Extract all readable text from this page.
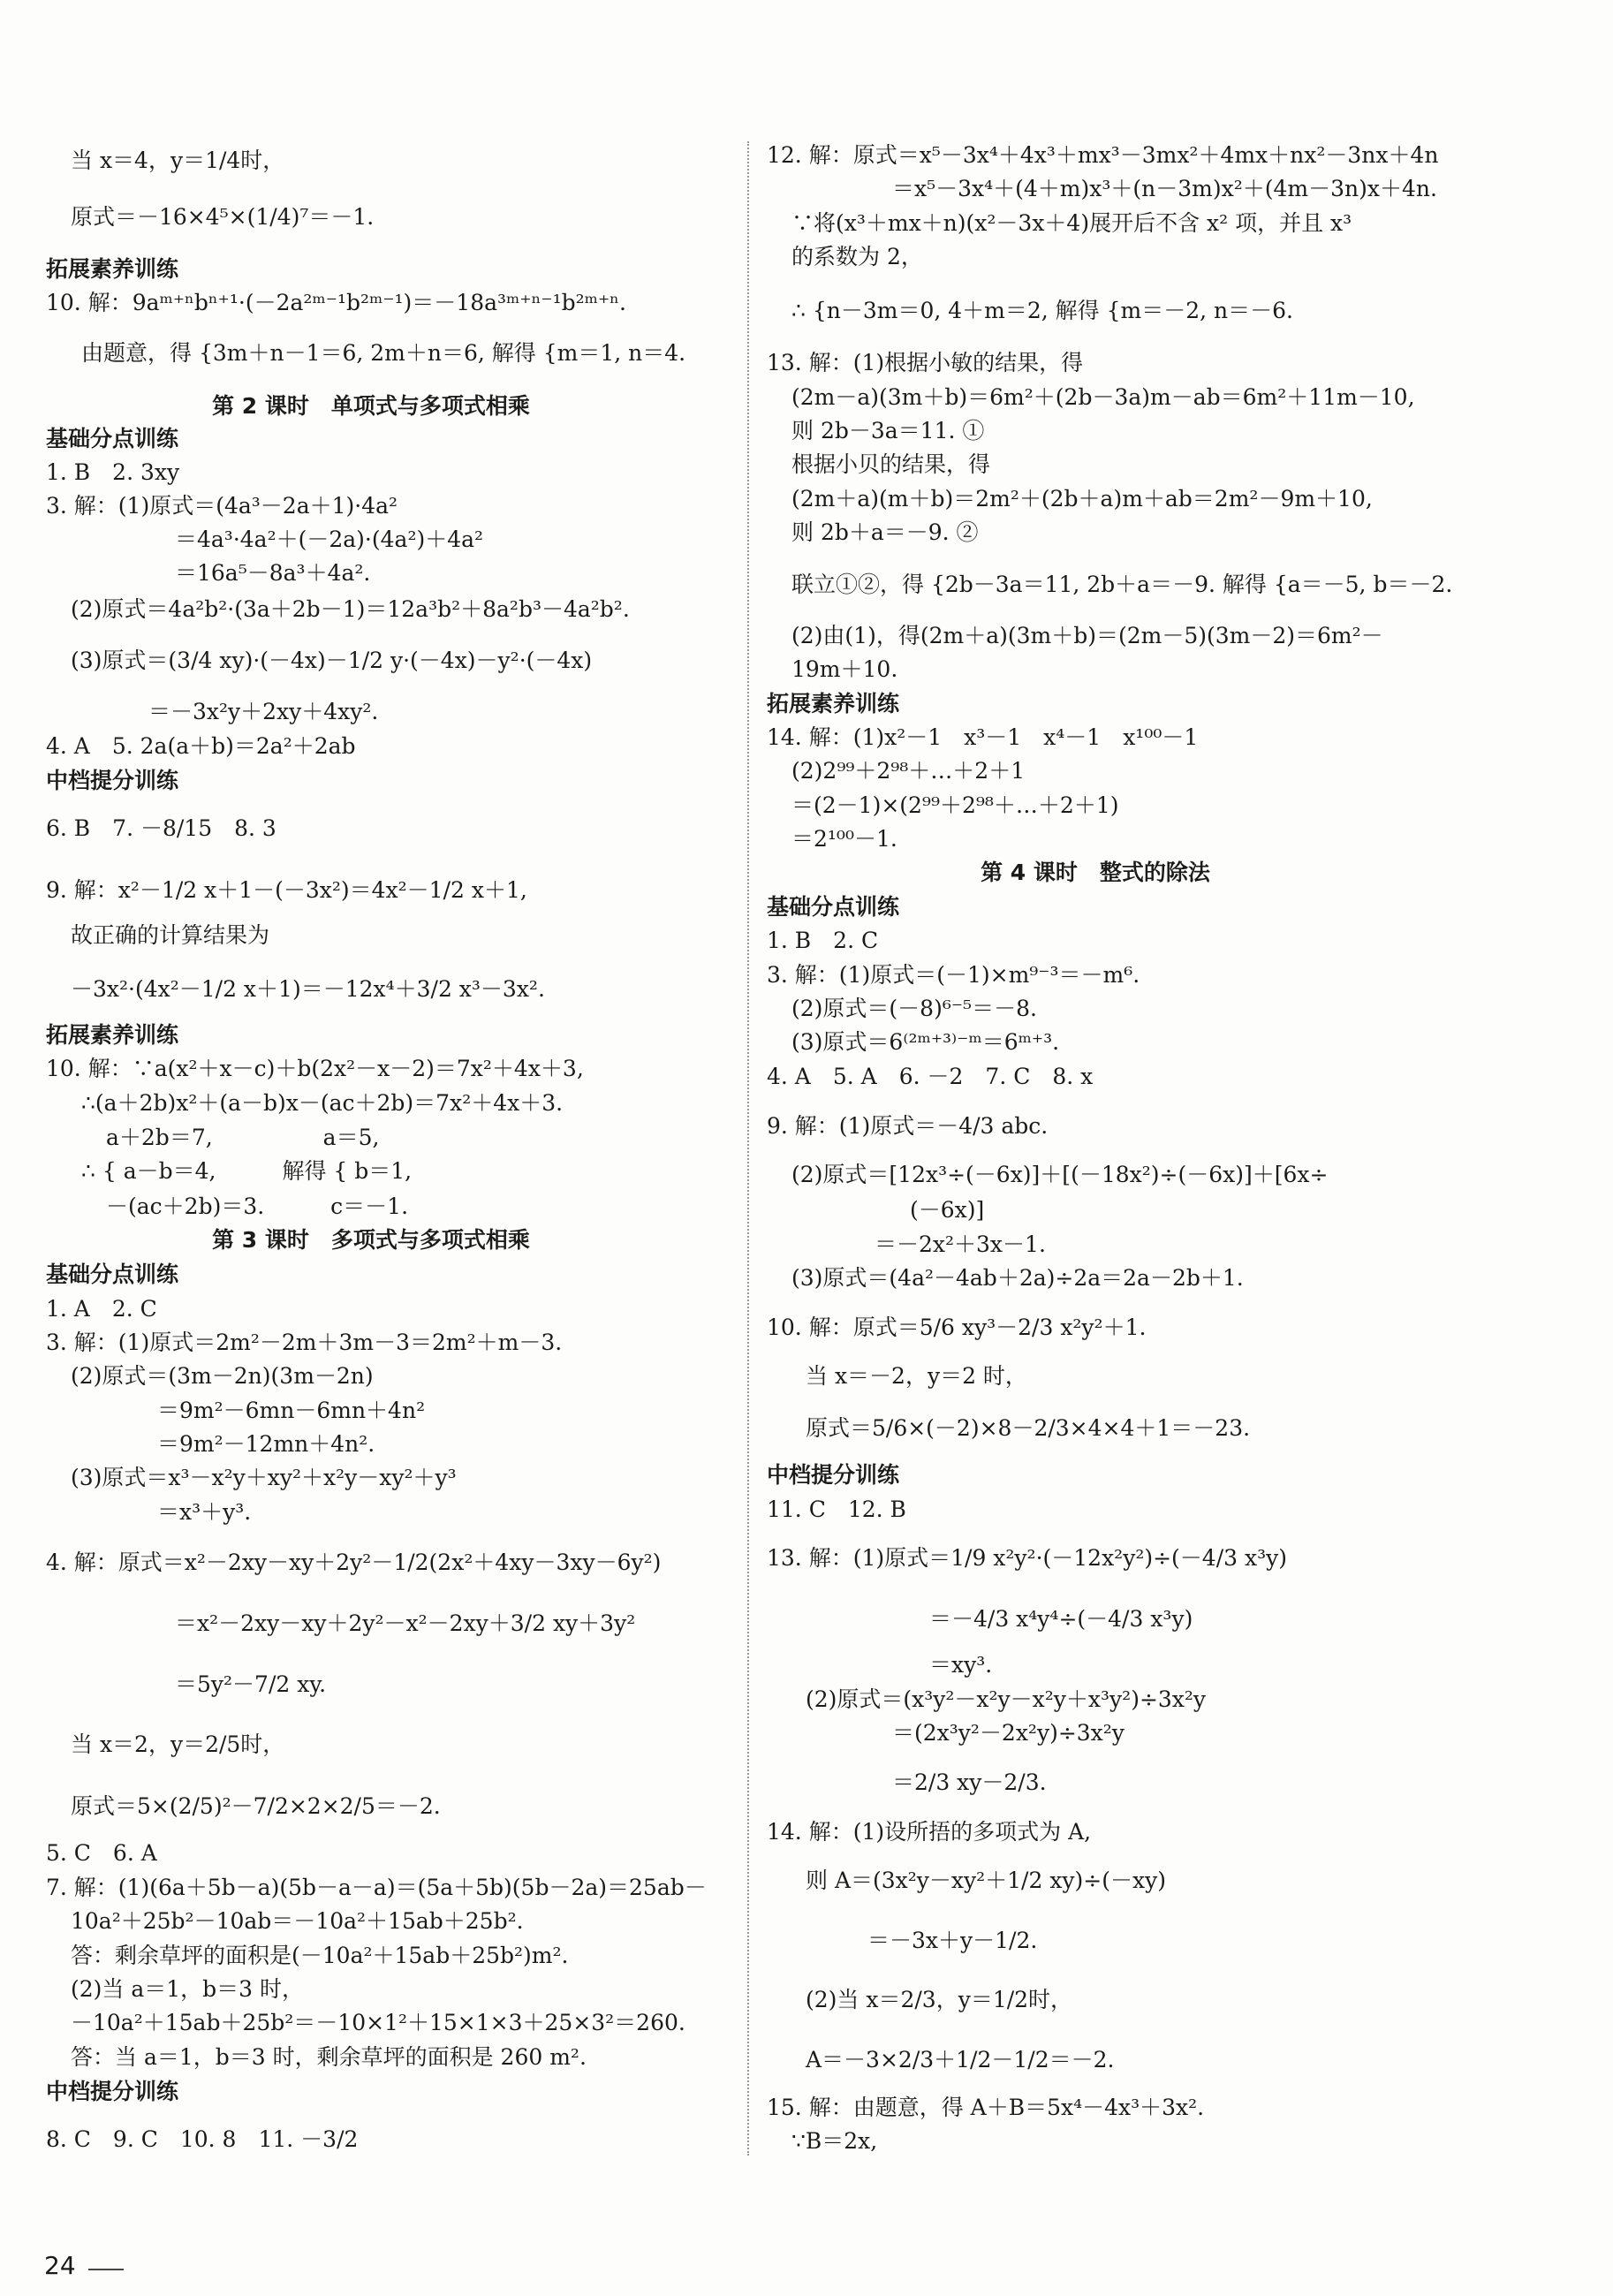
当 x＝4，y＝1/4时，
原式＝－16×4⁵×(1/4)⁷＝－1.
拓展素养训练
10. 解：9aᵐ⁺ⁿbⁿ⁺¹·(－2a²ᵐ⁻¹b²ᵐ⁻¹)＝－18a³ᵐ⁺ⁿ⁻¹b²ᵐ⁺ⁿ.
由题意，得 {3m＋n－1＝6, 2m＋n＝6, 解得 {m＝1, n＝4.
第 2 课时　单项式与多项式相乘
基础分点训练
1. B　2. 3xy
3. 解：(1)原式＝(4a³－2a＋1)·4a²
＝4a³·4a²＋(－2a)·(4a²)＋4a²
＝16a⁵－8a³＋4a².
(2)原式＝4a²b²·(3a＋2b－1)＝12a³b²＋8a²b³－4a²b².
(3)原式＝(3/4 xy)·(－4x)－1/2 y·(－4x)－y²·(－4x)
＝－3x²y＋2xy＋4xy².
4. A　5. 2a(a＋b)＝2a²＋2ab
中档提分训练
6. B　7. －8/15　8. 3
9. 解：x²－1/2 x＋1－(－3x²)＝4x²－1/2 x＋1,
故正确的计算结果为
－3x²·(4x²－1/2 x＋1)＝－12x⁴＋3/2 x³－3x².
拓展素养训练
10. 解：∵a(x²＋x－c)＋b(2x²－x－2)＝7x²＋4x＋3,
∴(a＋2b)x²＋(a－b)x－(ac＋2b)＝7x²＋4x＋3.
a＋2b＝7,　　　　　a＝5,
∴ { a－b＝4,　　　解得 { b＝1,
－(ac＋2b)＝3.　　　c＝－1.
第 3 课时　多项式与多项式相乘
基础分点训练
1. A　2. C
3. 解：(1)原式＝2m²－2m＋3m－3＝2m²＋m－3.
(2)原式＝(3m－2n)(3m－2n)
＝9m²－6mn－6mn＋4n²
＝9m²－12mn＋4n².
(3)原式＝x³－x²y＋xy²＋x²y－xy²＋y³
＝x³＋y³.
4. 解：原式＝x²－2xy－xy＋2y²－1/2(2x²＋4xy－3xy－6y²)
＝x²－2xy－xy＋2y²－x²－2xy＋3/2 xy＋3y²
＝5y²－7/2 xy.
当 x＝2，y＝2/5时，
原式＝5×(2/5)²－7/2×2×2/5＝－2.
5. C　6. A
7. 解：(1)(6a＋5b－a)(5b－a－a)＝(5a＋5b)(5b－2a)＝25ab－
10a²＋25b²－10ab＝－10a²＋15ab＋25b².
答：剩余草坪的面积是(－10a²＋15ab＋25b²)m².
(2)当 a＝1，b＝3 时，
－10a²＋15ab＋25b²＝－10×1²＋15×1×3＋25×3²＝260.
答：当 a＝1，b＝3 时，剩余草坪的面积是 260 m².
中档提分训练
8. C　9. C　10. 8　11. －3/2
12. 解：原式＝x⁵－3x⁴＋4x³＋mx³－3mx²＋4mx＋nx²－3nx＋4n
＝x⁵－3x⁴＋(4＋m)x³＋(n－3m)x²＋(4m－3n)x＋4n.
∵将(x³＋mx＋n)(x²－3x＋4)展开后不含 x² 项，并且 x³
的系数为 2，
∴ {n－3m＝0, 4＋m＝2, 解得 {m＝－2, n＝－6.
13. 解：(1)根据小敏的结果，得
(2m－a)(3m＋b)＝6m²＋(2b－3a)m－ab＝6m²＋11m－10,
则 2b－3a＝11. ①
根据小贝的结果，得
(2m＋a)(m＋b)＝2m²＋(2b＋a)m＋ab＝2m²－9m＋10,
则 2b＋a＝－9. ②
联立①②，得 {2b－3a＝11, 2b＋a＝－9. 解得 {a＝－5, b＝－2.
(2)由(1)，得(2m＋a)(3m＋b)＝(2m－5)(3m－2)＝6m²－
19m＋10.
拓展素养训练
14. 解：(1)x²－1　x³－1　x⁴－1　x¹⁰⁰－1
(2)2⁹⁹＋2⁹⁸＋…＋2＋1
＝(2－1)×(2⁹⁹＋2⁹⁸＋…＋2＋1)
＝2¹⁰⁰－1.
第 4 课时　整式的除法
基础分点训练
1. B　2. C
3. 解：(1)原式＝(－1)×m⁹⁻³＝－m⁶.
(2)原式＝(－8)⁶⁻⁵＝－8.
(3)原式＝6⁽²ᵐ⁺³⁾⁻ᵐ＝6ᵐ⁺³.
4. A　5. A　6. －2　7. C　8. x
9. 解：(1)原式＝－4/3 abc.
(2)原式＝[12x³÷(－6x)]＋[(－18x²)÷(－6x)]＋[6x÷
(－6x)]
＝－2x²＋3x－1.
(3)原式＝(4a²－4ab＋2a)÷2a＝2a－2b＋1.
10. 解：原式＝5/6 xy³－2/3 x²y²＋1.
当 x＝－2，y＝2 时，
原式＝5/6×(－2)×8－2/3×4×4＋1＝－23.
中档提分训练
11. C　12. B
13. 解：(1)原式＝1/9 x²y²·(－12x²y²)÷(－4/3 x³y)
＝－4/3 x⁴y⁴÷(－4/3 x³y)
＝xy³.
(2)原式＝(x³y²－x²y－x²y＋x³y²)÷3x²y
＝(2x³y²－2x²y)÷3x²y
＝2/3 xy－2/3.
14. 解：(1)设所捂的多项式为 A,
则 A＝(3x²y－xy²＋1/2 xy)÷(－xy)
＝－3x＋y－1/2.
(2)当 x＝2/3，y＝1/2时，
A＝－3×2/3＋1/2－1/2＝－2.
15. 解：由题意，得 A＋B＝5x⁴－4x³＋3x².
∵B＝2x,
24
